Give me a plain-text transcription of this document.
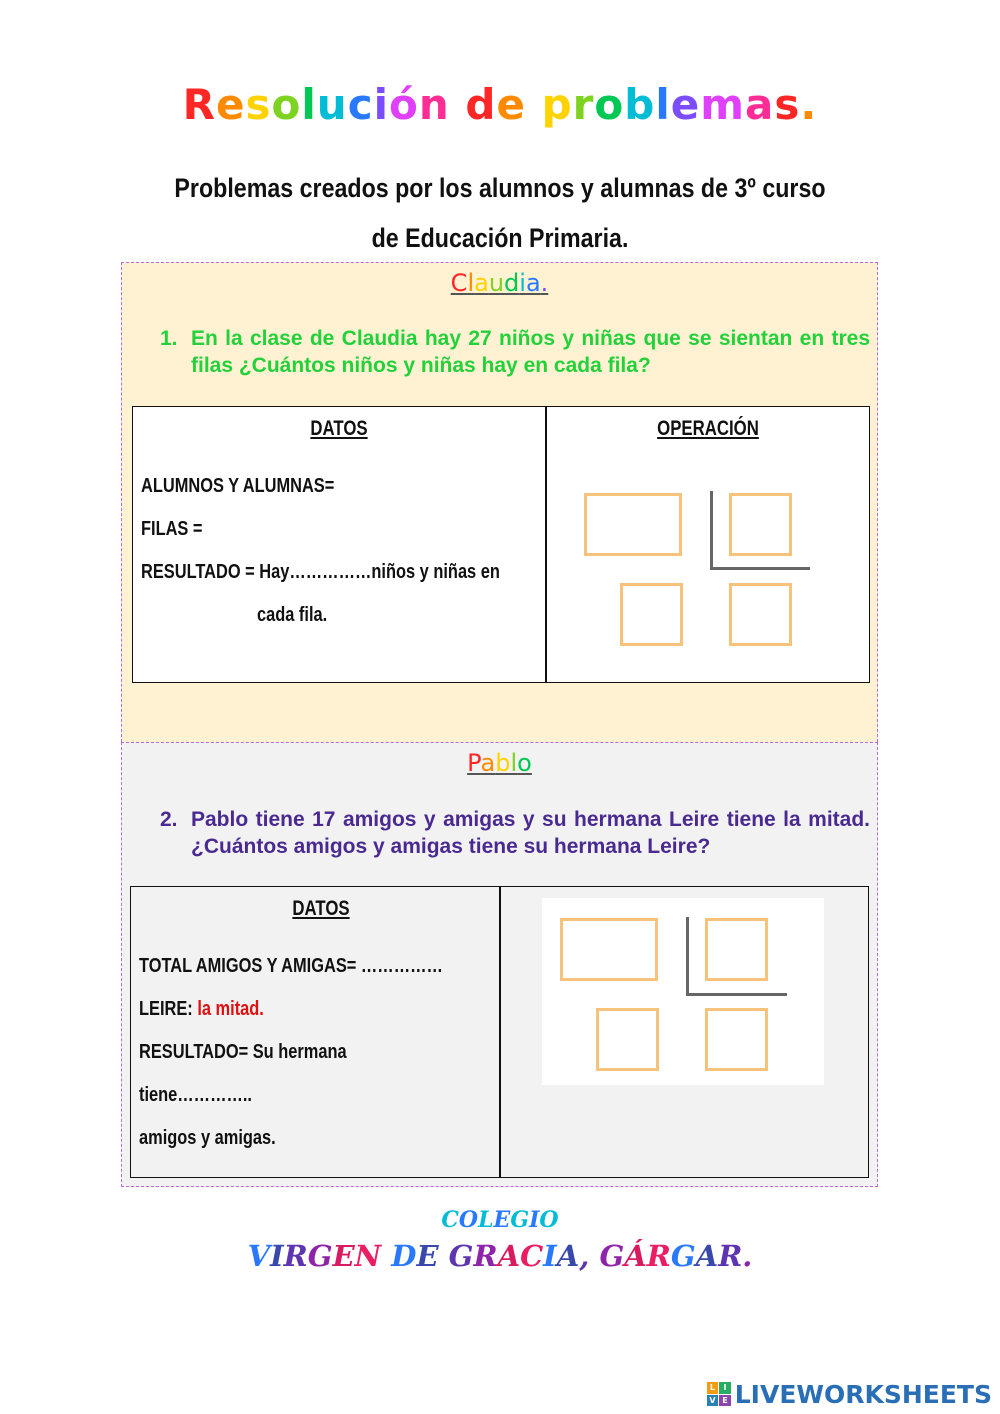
Resolución de problemas.
Problemas creados por los alumnos y alumnas de 3º curso de Educación Primaria.
Claudia.
1. En la clase de Claudia hay 27 niños y niñas que se sientan en tres filas ¿Cuántos niños y niñas hay en cada fila?
DATOS	OPERACIÓN
ALUMNOS Y ALUMNAS=
FILAS =
RESULTADO = Hay……………niños y niñas en
cada fila.
Pablo
2. Pablo tiene 17 amigos y amigas y su hermana Leire tiene la mitad. ¿Cuántos amigos y amigas tiene su hermana Leire?
DATOS
TOTAL AMIGOS Y AMIGAS= ……………
LEIRE: la mitad.
RESULTADO= Su hermana
tiene…………..
amigos y amigas.
COLEGIO
VIRGEN DE GRACIA, GÁRGAR.
L	I
V E LIVEWORKSHEETS
